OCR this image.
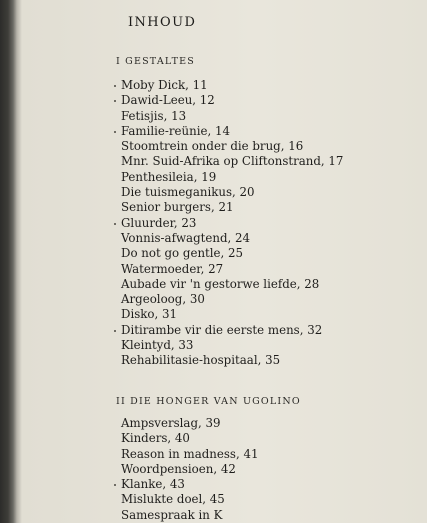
INHOUD
I GESTALTES
Moby Dick, 11
Dawid-Leeu, 12
Fetisjis, 13
Familie-reünie, 14
Stoomtrein onder die brug, 16
Mnr. Suid-Afrika op Cliftonstrand, 17
Penthesileia, 19
Die tuismeganikus, 20
Senior burgers, 21
Gluurder, 23
Vonnis-afwagtend, 24
Do not go gentle, 25
Watermoeder, 27
Aubade vir 'n gestorwe liefde, 28
Argeoloog, 30
Disko, 31
Ditirambe vir die eerste mens, 32
Kleintyd, 33
Rehabilitasie-hospitaal, 35
II DIE HONGER VAN UGOLINO
Ampsverslag, 39
Kinders, 40
Reason in madness, 41
Woordpensioen, 42
Klanke, 43
Mislukte doel, 45
Samespraak in K
